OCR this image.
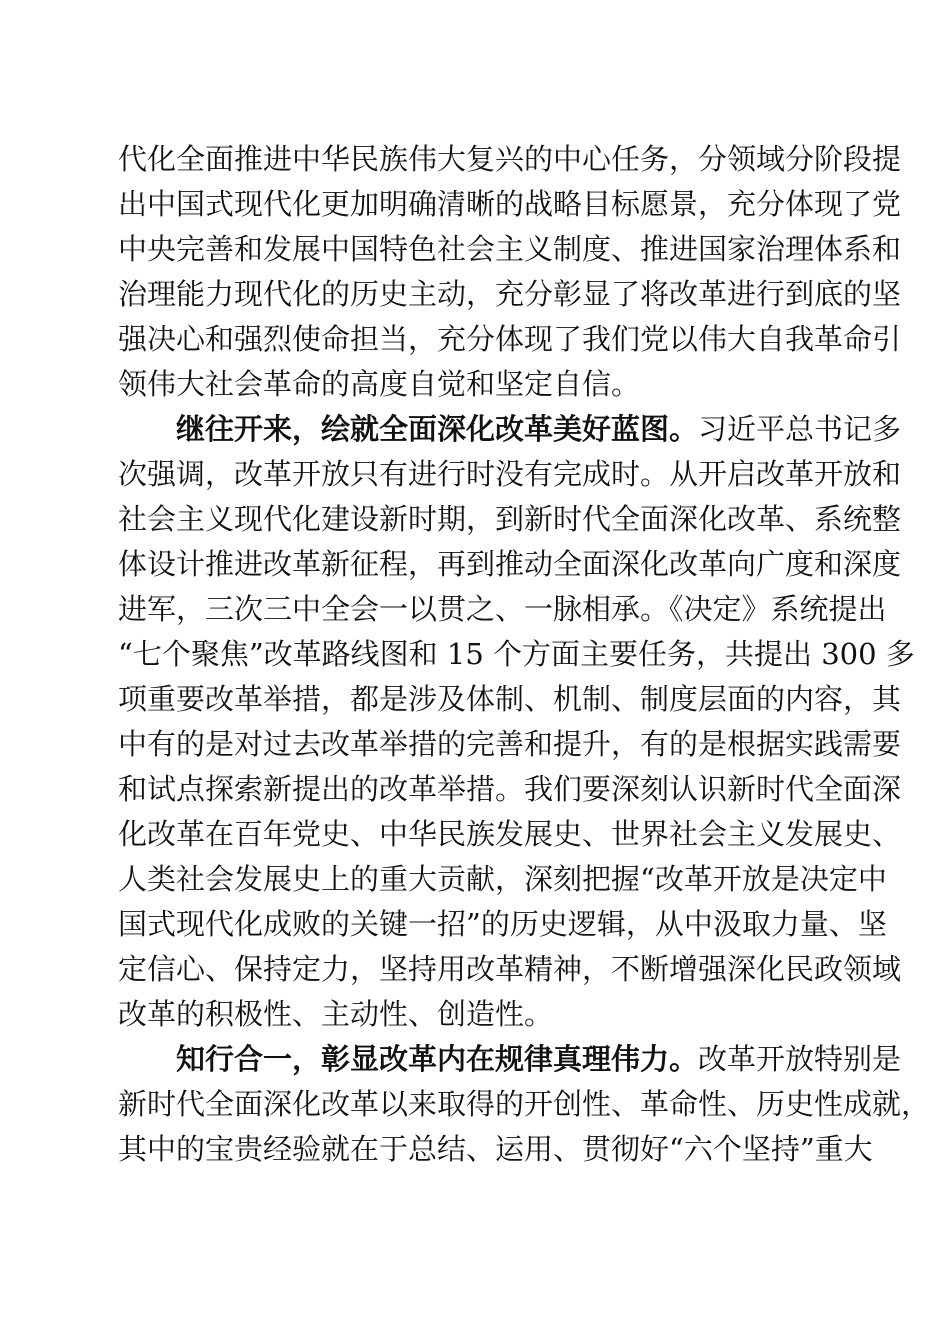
代化全面推进中华民族伟大复兴的中心任务，分领域分阶段提
出中国式现代化更加明确清晰的战略目标愿景，充分体现了党
中央完善和发展中国特色社会主义制度、推进国家治理体系和
治理能力现代化的历史主动，充分彰显了将改革进行到底的坚
强决心和强烈使命担当，充分体现了我们党以伟大自我革命引
领伟大社会革命的高度自觉和坚定自信。
　　继往开来，绘就全面深化改革美好蓝图。习近平总书记多
次强调，改革开放只有进行时没有完成时。从开启改革开放和
社会主义现代化建设新时期，到新时代全面深化改革、系统整
体设计推进改革新征程，再到推动全面深化改革向广度和深度
进军，三次三中全会一以贯之、一脉相承。《决定》系统提出
“七个聚焦”改革路线图和 15 个方面主要任务，共提出 300 多
项重要改革举措，都是涉及体制、机制、制度层面的内容，其
中有的是对过去改革举措的完善和提升，有的是根据实践需要
和试点探索新提出的改革举措。我们要深刻认识新时代全面深
化改革在百年党史、中华民族发展史、世界社会主义发展史、
人类社会发展史上的重大贡献，深刻把握“改革开放是决定中
国式现代化成败的关键一招”的历史逻辑，从中汲取力量、坚
定信心、保持定力，坚持用改革精神，不断增强深化民政领域
改革的积极性、主动性、创造性。
　　知行合一，彰显改革内在规律真理伟力。改革开放特别是
新时代全面深化改革以来取得的开创性、革命性、历史性成就，
其中的宝贵经验就在于总结、运用、贯彻好“六个坚持”重大
